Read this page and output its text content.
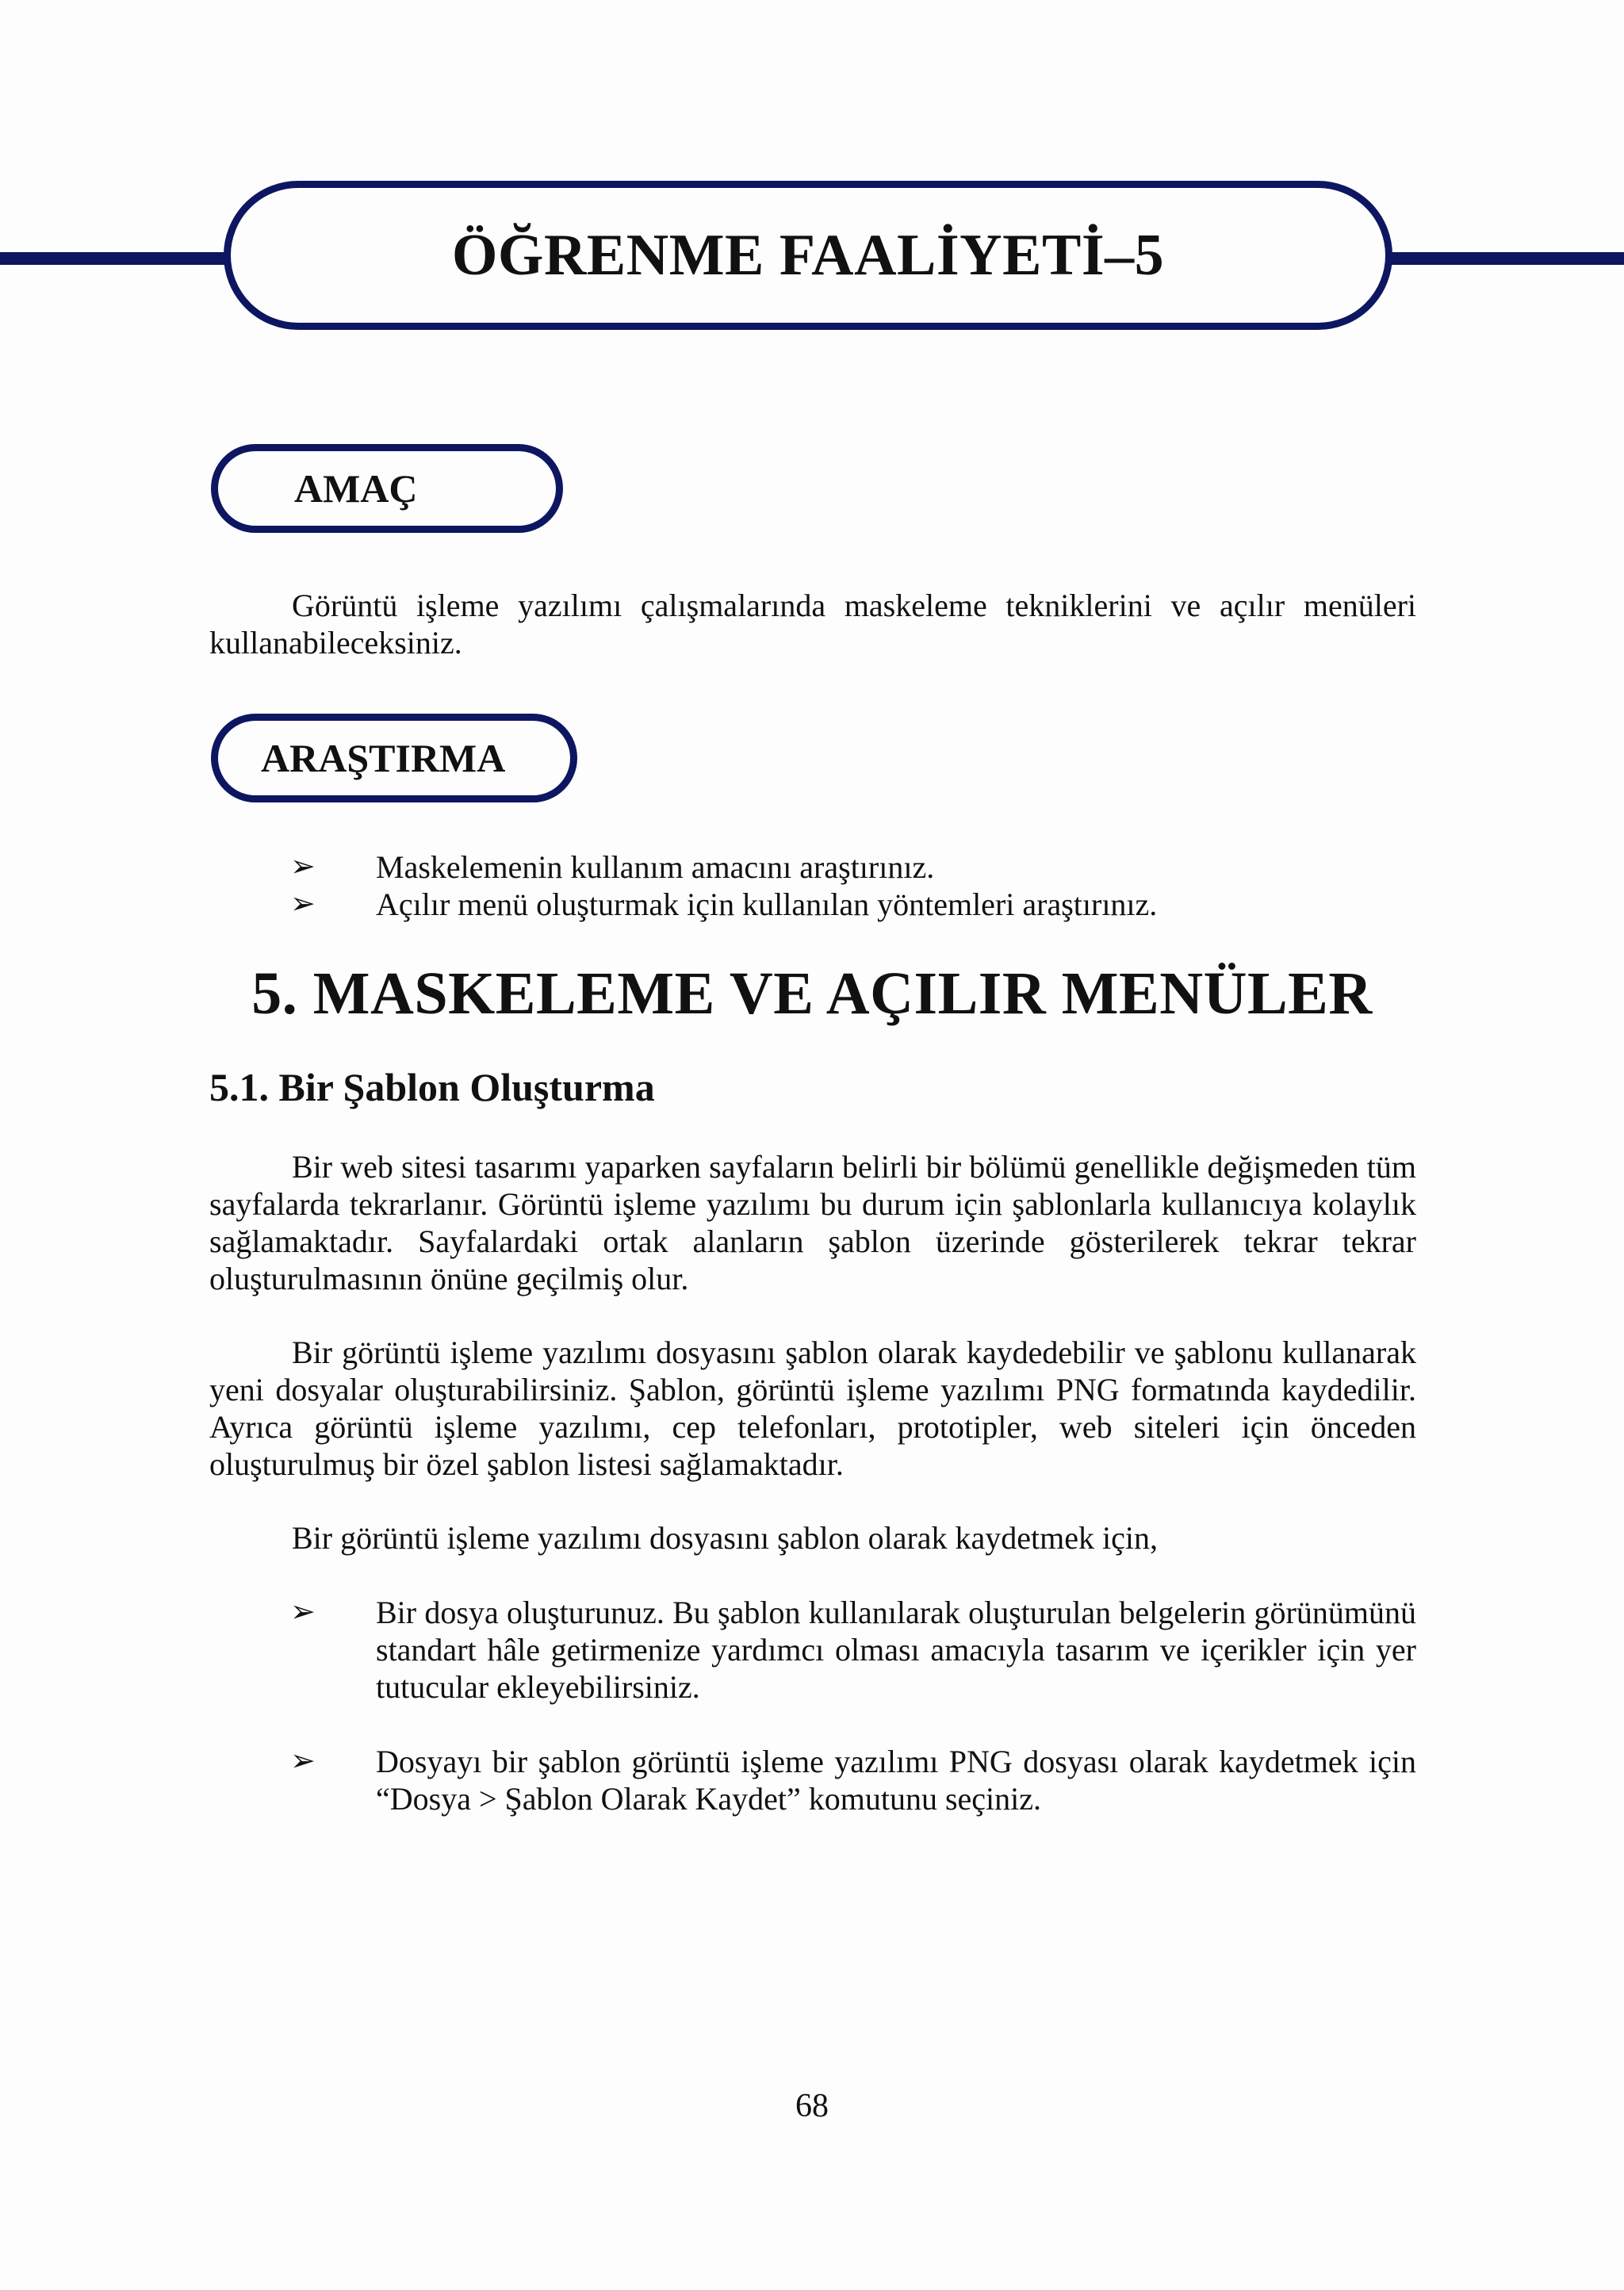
ÖĞRENME FAALİYETİ–5
AMAÇ
Görüntü işleme yazılımı çalışmalarında maskeleme tekniklerini ve açılır menüleri kullanabileceksiniz.
ARAŞTIRMA
➢ Maskelemenin kullanım amacını araştırınız.
➢ Açılır menü oluşturmak için kullanılan yöntemleri araştırınız.
5. MASKELEME VE AÇILIR MENÜLER
5.1. Bir Şablon Oluşturma
Bir web sitesi tasarımı yaparken sayfaların belirli bir bölümü genellikle değişmeden tüm sayfalarda tekrarlanır. Görüntü işleme yazılımı bu durum için şablonlarla kullanıcıya kolaylık sağlamaktadır. Sayfalardaki ortak alanların şablon üzerinde gösterilerek tekrar tekrar oluşturulmasının önüne geçilmiş olur.
Bir görüntü işleme yazılımı dosyasını şablon olarak kaydedebilir ve şablonu kullanarak yeni dosyalar oluşturabilirsiniz. Şablon, görüntü işleme yazılımı PNG formatında kaydedilir. Ayrıca görüntü işleme yazılımı, cep telefonları, prototipler, web siteleri için önceden oluşturulmuş bir özel şablon listesi sağlamaktadır.
Bir görüntü işleme yazılımı dosyasını şablon olarak kaydetmek için,
➢ Bir dosya oluşturunuz. Bu şablon kullanılarak oluşturulan belgelerin görünümünü standart hâle getirmenize yardımcı olması amacıyla tasarım ve içerikler için yer tutucular ekleyebilirsiniz.
➢ Dosyayı bir şablon görüntü işleme yazılımı PNG dosyası olarak kaydetmek için “Dosya > Şablon Olarak Kaydet” komutunu seçiniz.
68
